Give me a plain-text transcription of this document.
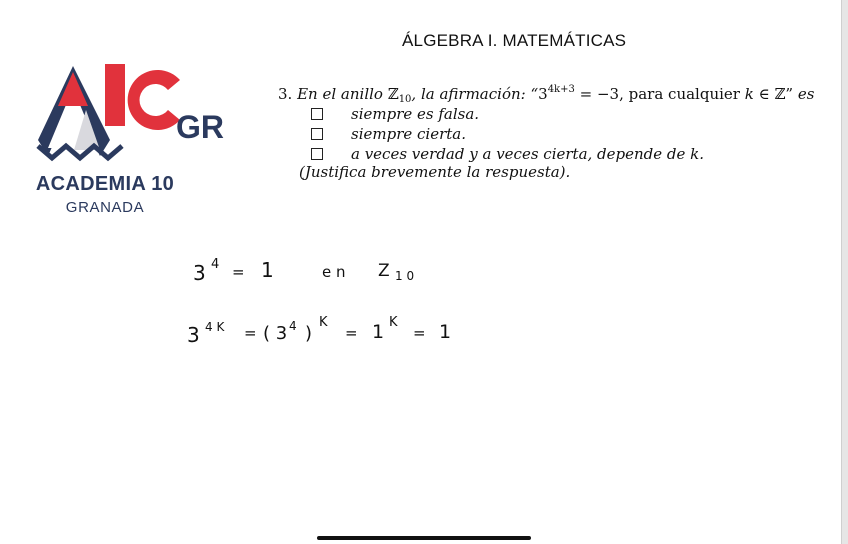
ÁLGEBRA I. MATEMÁTICAS
GR
ACADEMIA 10
GRANADA
3. En el anillo ℤ$_{10}$, la afirmación: “$3^{4k+3} = -3$, para cualquier k ∈ ℤ” es
siempre es falsa.
siempre cierta.
a veces verdad y a veces cierta, depende de k.
(Justifica brevemente la respuesta).
3 4 = 1	e n Z 1 0
3 4 K = ( 3 4 )
K
= 1 K
= 1
